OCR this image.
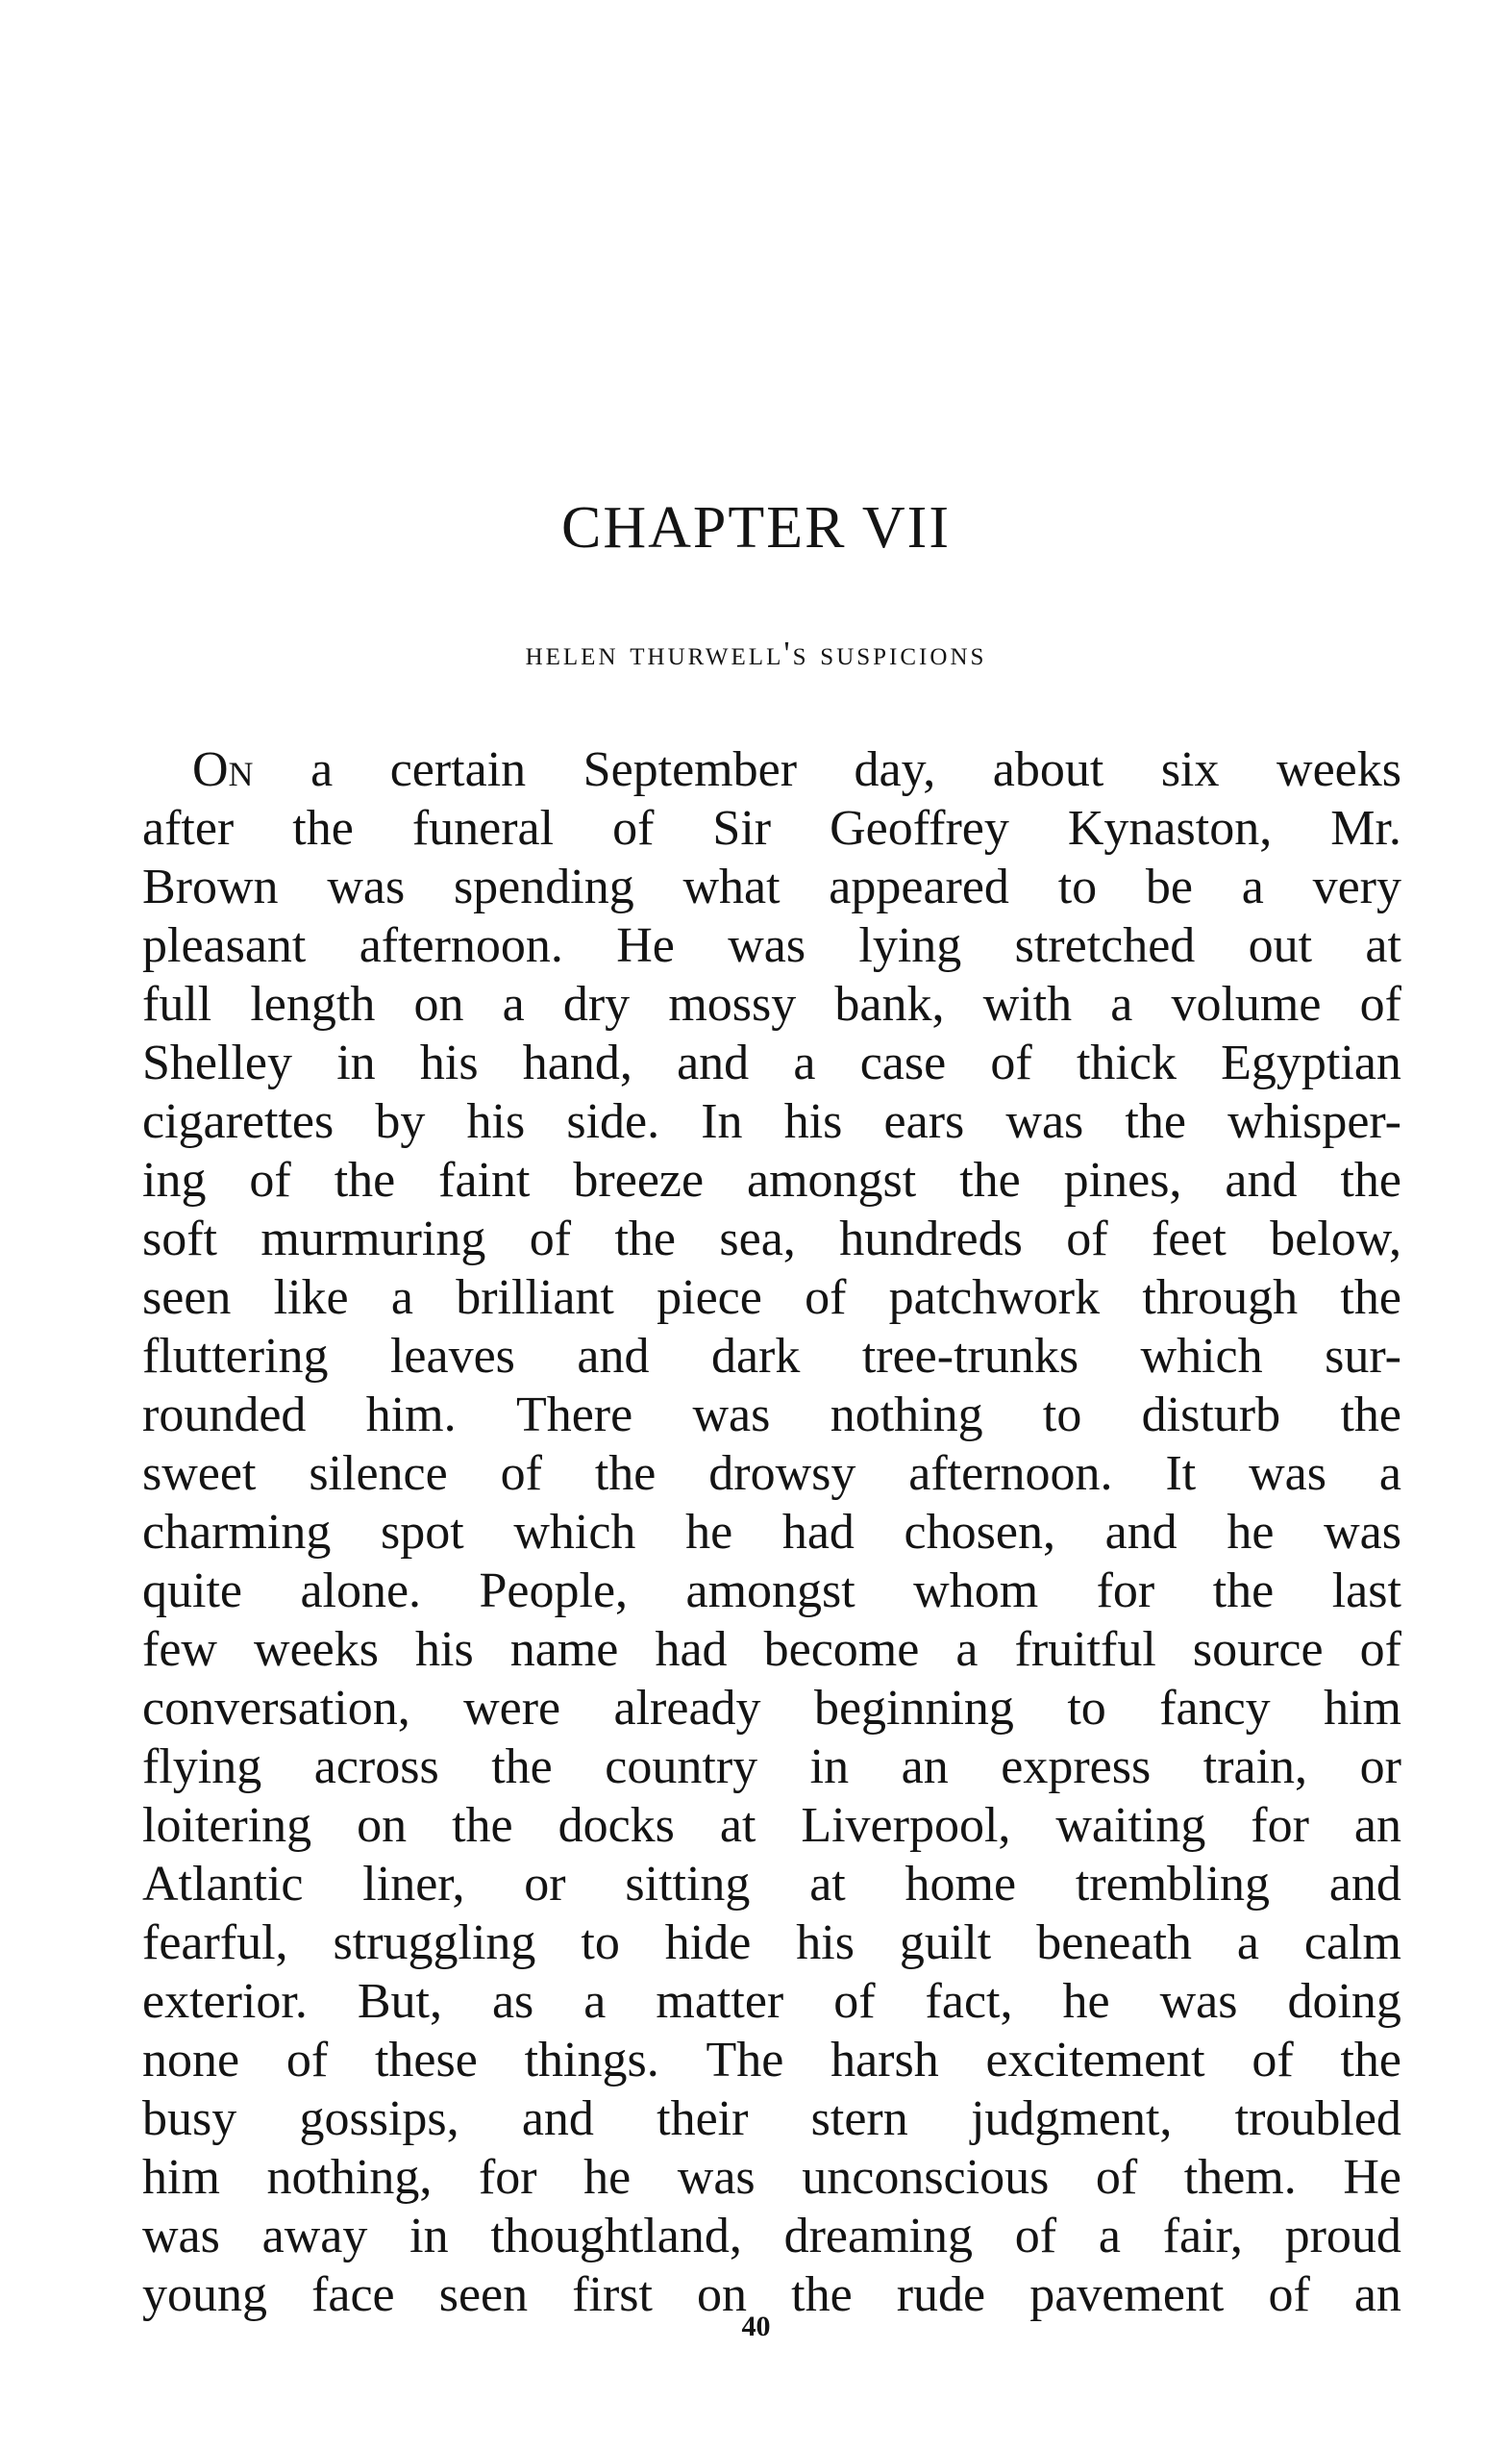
CHAPTER VII
helen thurwell's suspicions
On a certain September day, about six weeks
after the funeral of Sir Geoffrey Kynaston, Mr.
Brown was spending what appeared to be a very
pleasant afternoon. He was lying stretched out at
full length on a dry mossy bank, with a volume of
Shelley in his hand, and a case of thick Egyptian
cigarettes by his side. In his ears was the whisper-
ing of the faint breeze amongst the pines, and the
soft murmuring of the sea, hundreds of feet below,
seen like a brilliant piece of patchwork through the
fluttering leaves and dark tree-trunks which sur-
rounded him. There was nothing to disturb the
sweet silence of the drowsy afternoon. It was a
charming spot which he had chosen, and he was
quite alone. People, amongst whom for the last
few weeks his name had become a fruitful source of
conversation, were already beginning to fancy him
flying across the country in an express train, or
loitering on the docks at Liverpool, waiting for an
Atlantic liner, or sitting at home trembling and
fearful, struggling to hide his guilt beneath a calm
exterior. But, as a matter of fact, he was doing
none of these things. The harsh excitement of the
busy gossips, and their stern judgment, troubled
him nothing, for he was unconscious of them. He
was away in thoughtland, dreaming of a fair, proud
young face seen first on the rude pavement of an
40
